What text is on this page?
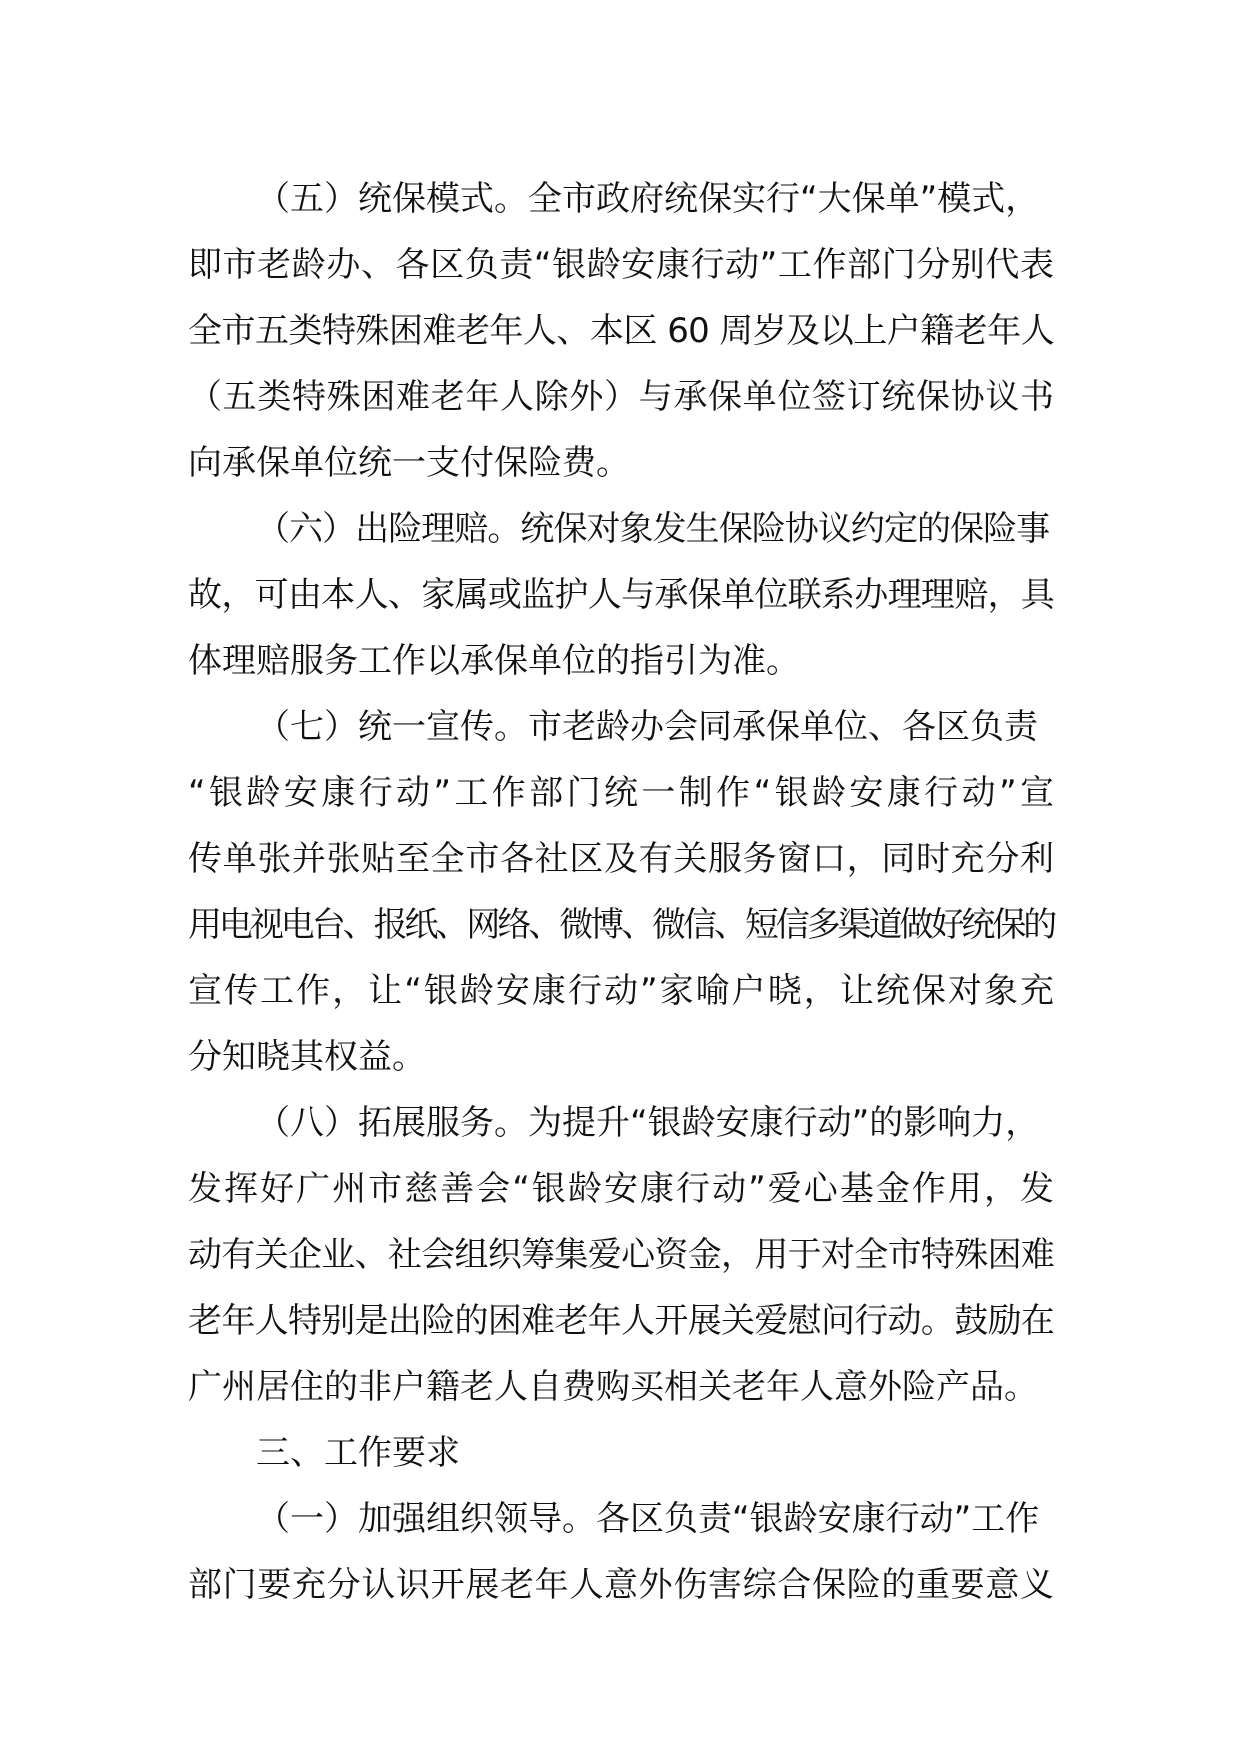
（五）统保模式。全市政府统保实行“大保单”模式，
即市老龄办、各区负责“银龄安康行动”工作部门分别代表
全市五类特殊困难老年人、本区 60 周岁及以上户籍老年人
（五类特殊困难老年人除外）与承保单位签订统保协议书
向承保单位统一支付保险费。
（六）出险理赔。统保对象发生保险协议约定的保险事
故，可由本人、家属或监护人与承保单位联系办理理赔，具
体理赔服务工作以承保单位的指引为准。
（七）统一宣传。市老龄办会同承保单位、各区负责
“银龄安康行动”工作部门统一制作“银龄安康行动”宣
传单张并张贴至全市各社区及有关服务窗口，同时充分利
用电视电台、报纸、网络、微博、微信、短信多渠道做好统保的
宣传工作，让“银龄安康行动”家喻户晓，让统保对象充
分知晓其权益。
（八）拓展服务。为提升“银龄安康行动”的影响力，
发挥好广州市慈善会“银龄安康行动”爱心基金作用，发
动有关企业、社会组织筹集爱心资金，用于对全市特殊困难
老年人特别是出险的困难老年人开展关爱慰问行动。鼓励在
广州居住的非户籍老人自费购买相关老年人意外险产品。
三、工作要求
（一）加强组织领导。各区负责“银龄安康行动”工作
部门要充分认识开展老年人意外伤害综合保险的重要意义
